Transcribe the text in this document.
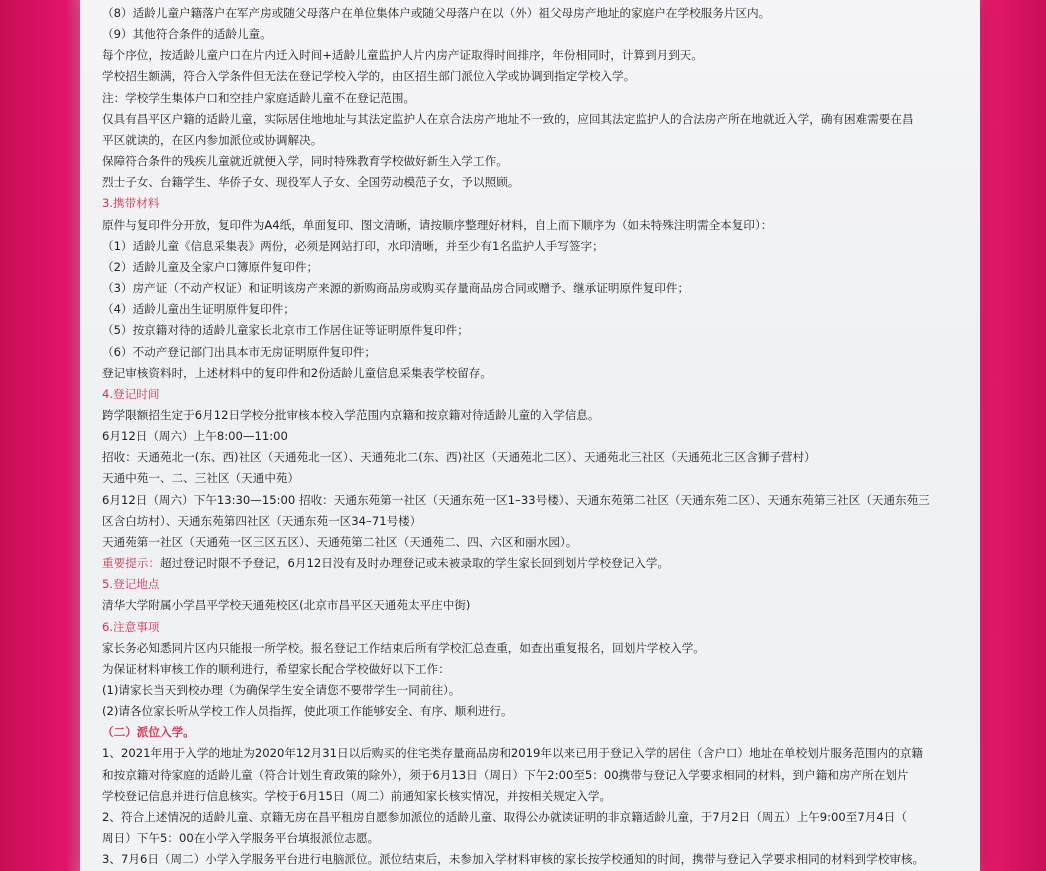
（8）适龄儿童户籍落户在军产房或随父母落户在单位集体户或随父母落户在以（外）祖父母房产地址的家庭户在学校服务片区内。
（9）其他符合条件的适龄儿童。
每个序位，按适龄儿童户口在片内迁入时间+适龄儿童监护人片内房产证取得时间排序，年份相同时，计算到月到天。
学校招生额满，符合入学条件但无法在登记学校入学的，由区招生部门派位入学或协调到指定学校入学。
注：学校学生集体户口和空挂户家庭适龄儿童不在登记范围。
仅具有昌平区户籍的适龄儿童，实际居住地地址与其法定监护人在京合法房产地址不一致的，应回其法定监护人的合法房产所在地就近入学，确有困难需要在昌
平区就读的，在区内参加派位或协调解决。
保障符合条件的残疾儿童就近就便入学，同时特殊教育学校做好新生入学工作。
烈士子女、台籍学生、华侨子女、现役军人子女、全国劳动模范子女，予以照顾。
3.携带材料
原件与复印件分开放，复印件为A4纸，单面复印、图文清晰，请按顺序整理好材料，自上而下顺序为（如未特殊注明需全本复印）：
（1）适龄儿童《信息采集表》两份，必须是网站打印，水印清晰，并至少有1名监护人手写签字；
（2）适龄儿童及全家户口簿原件复印件；
（3）房产证（不动产权证）和证明该房产来源的新购商品房或购买存量商品房合同或赠予、继承证明原件复印件；
（4）适龄儿童出生证明原件复印件；
（5）按京籍对待的适龄儿童家长北京市工作居住证等证明原件复印件；
（6）不动产登记部门出具本市无房证明原件复印件；
登记审核资料时，上述材料中的复印件和2份适龄儿童信息采集表学校留存。
4.登记时间
跨学限额招生定于6月12日学校分批审核本校入学范围内京籍和按京籍对待适龄儿童的入学信息。
6月12日（周六）上午8:00—11:00
招收：天通苑北一(东、西)社区（天通苑北一区）、天通苑北二(东、西)社区（天通苑北二区）、天通苑北三社区（天通苑北三区含狮子营村）
天通中苑一、二、三社区（天通中苑）
6月12日（周六）下午13:30—15:00 招收：天通东苑第一社区（天通东苑一区1–33号楼）、天通东苑第二社区（天通东苑二区）、天通东苑第三社区（天通东苑三
区含白坊村）、天通东苑第四社区（天通东苑一区34–71号楼）
天通苑第一社区（天通苑一区三区五区）、天通苑第二社区（天通苑二、四、六区和丽水园）。
重要提示：超过登记时限不予登记，6月12日没有及时办理登记或未被录取的学生家长回到划片学校登记入学。
5.登记地点
清华大学附属小学昌平学校天通苑校区(北京市昌平区天通苑太平庄中街)
6.注意事项
家长务必知悉同片区内只能报一所学校。报名登记工作结束后所有学校汇总查重，如查出重复报名，回划片学校入学。
为保证材料审核工作的顺利进行，希望家长配合学校做好以下工作：
(1)请家长当天到校办理（为确保学生安全请您不要带学生一同前往）。
(2)请各位家长听从学校工作人员指挥，使此项工作能够安全、有序、顺利进行。
（二）派位入学。
1、2021年用于入学的地址为2020年12月31日以后购买的住宅类存量商品房和2019年以来已用于登记入学的居住（含户口）地址在单校划片服务范围内的京籍
和按京籍对待家庭的适龄儿童（符合计划生育政策的除外），须于6月13日（周日）下午2:00至5：00携带与登记入学要求相同的材料，到户籍和房产所在划片
学校登记信息并进行信息核实。学校于6月15日（周二）前通知家长核实情况，并按相关规定入学。
2、符合上述情况的适龄儿童、京籍无房在昌平租房自愿参加派位的适龄儿童、取得公办就读证明的非京籍适龄儿童，于7月2日（周五）上午9:00至7月4日（
周日）下午5：00在小学入学服务平台填报派位志愿。
3、7月6日（周二）小学入学服务平台进行电脑派位。派位结束后，未参加入学材料审核的家长按学校通知的时间，携带与登记入学要求相同的材料到学校审核。
